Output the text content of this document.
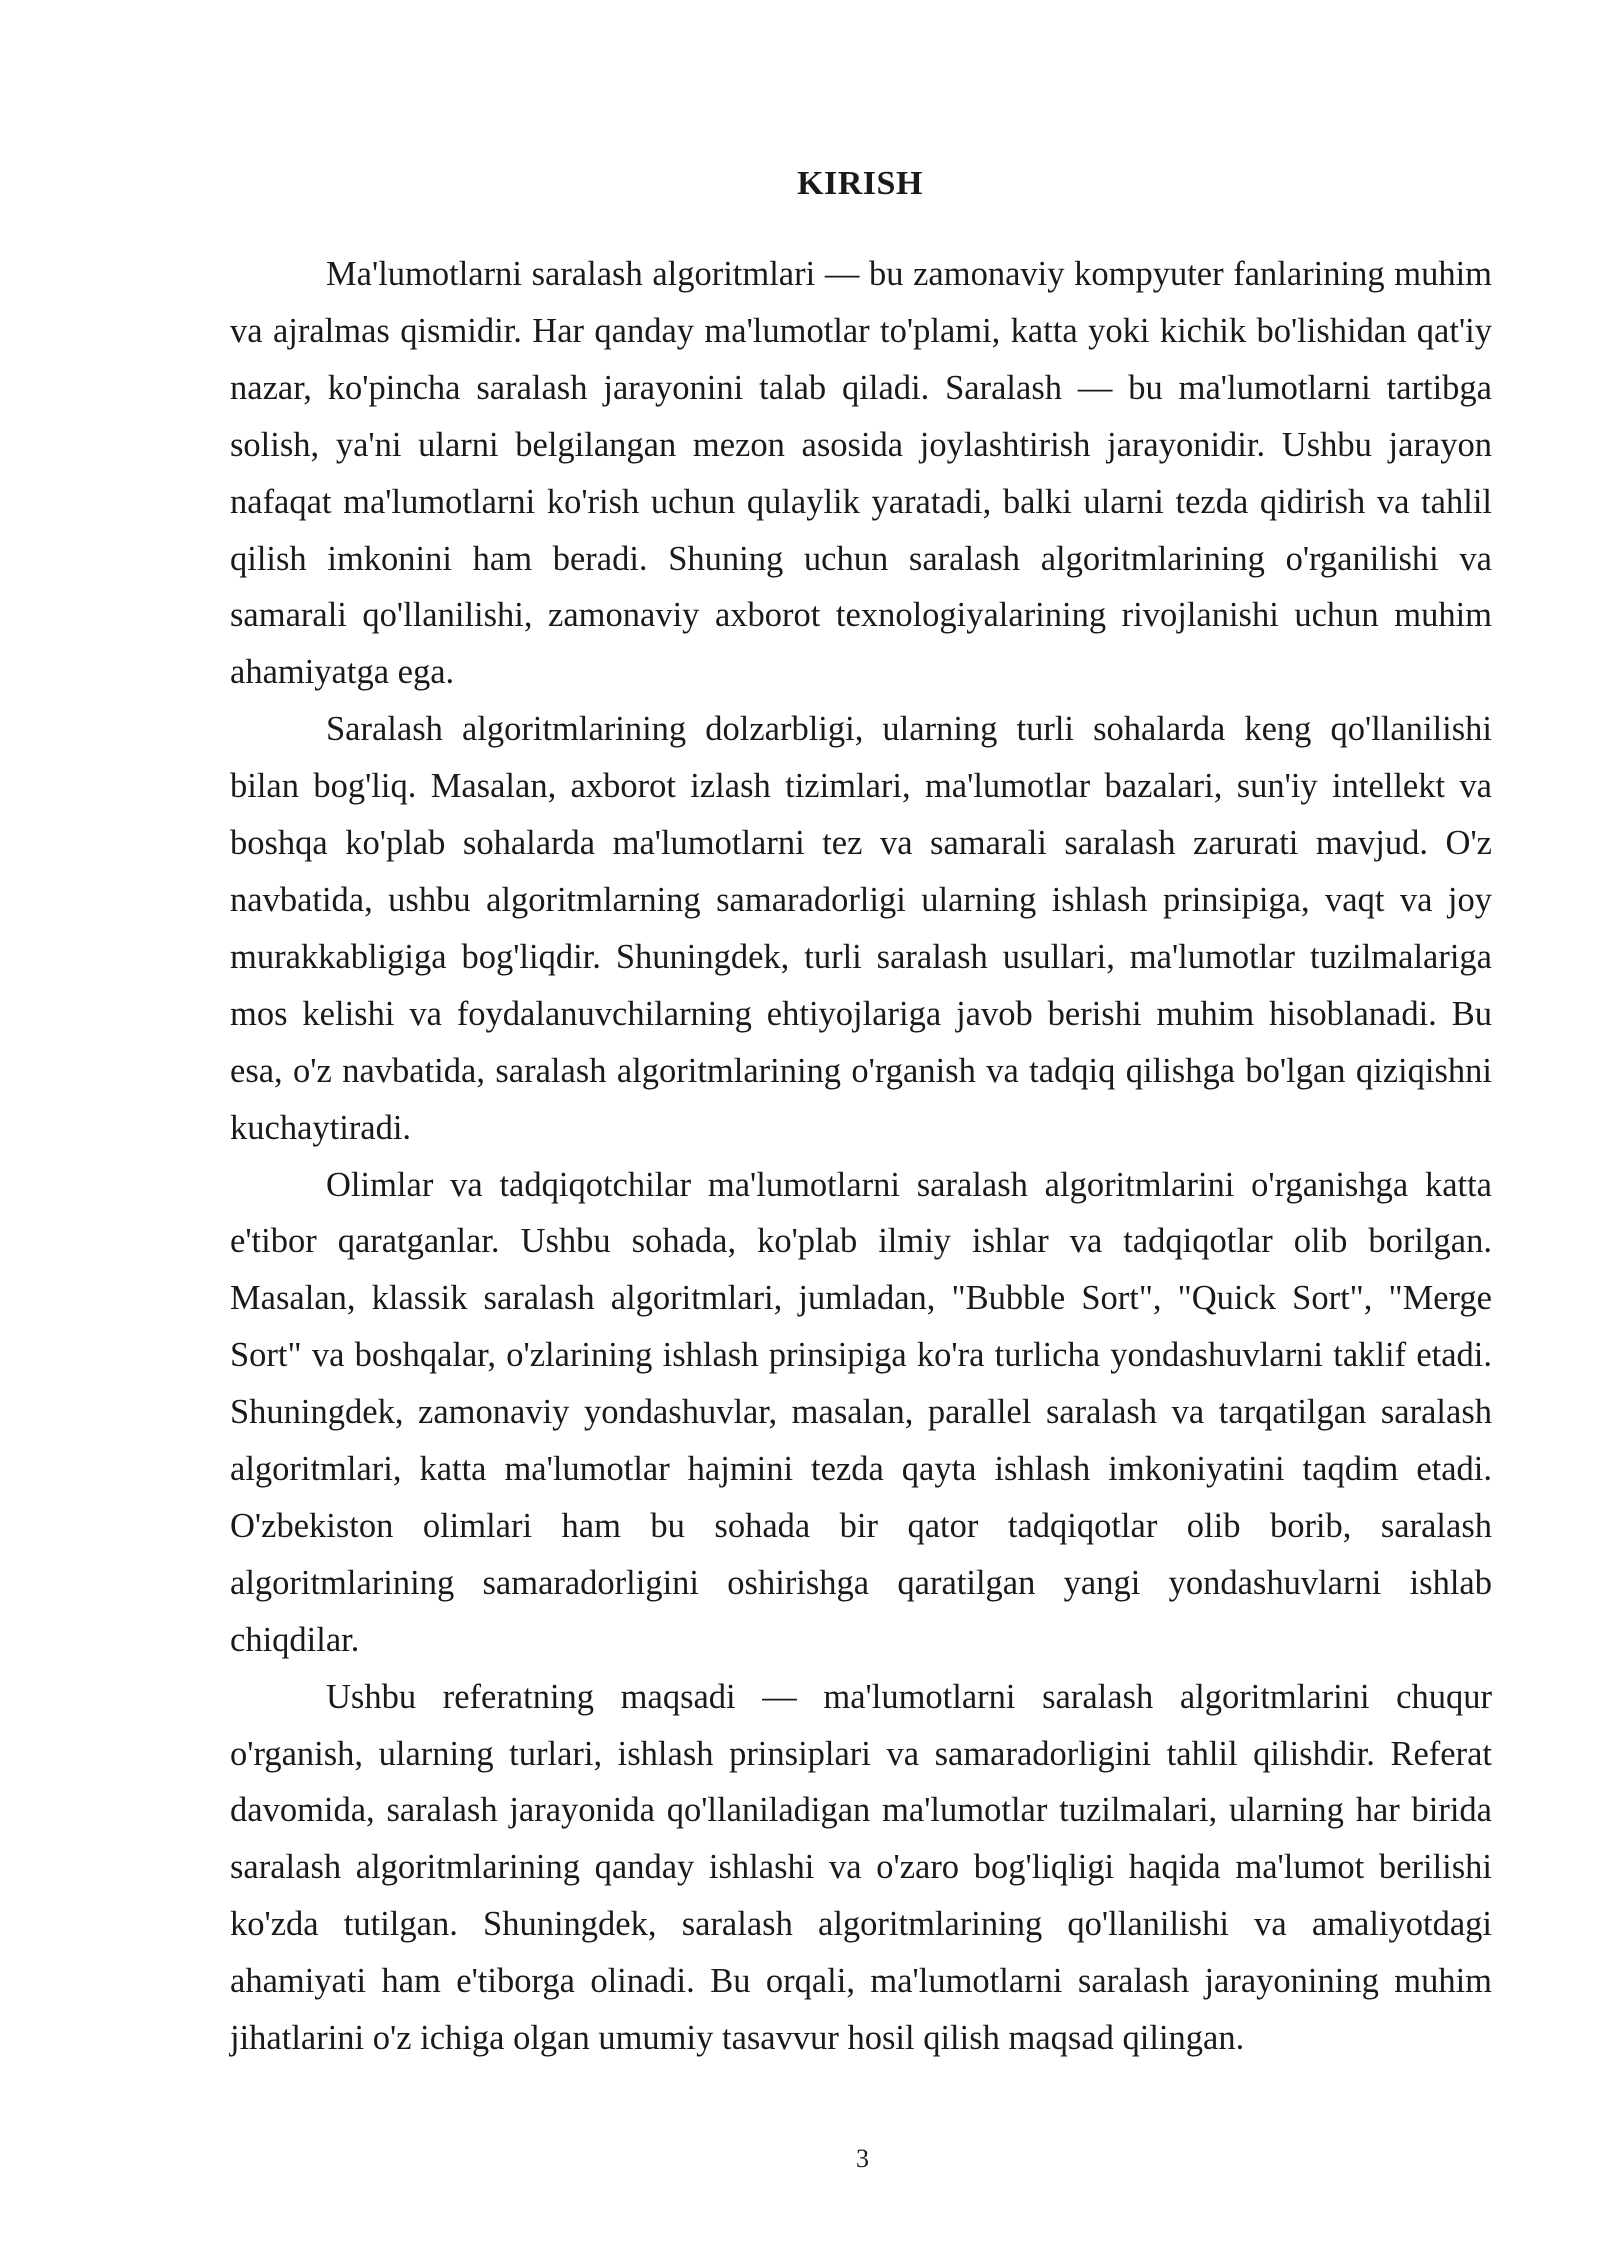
KIRISH

Ma'lumotlarni saralash algoritmlari — bu zamonaviy kompyuter fanlarining muhim va ajralmas qismidir. Har qanday ma'lumotlar to'plami, katta yoki kichik bo'lishidan qat'iy nazar, ko'pincha saralash jarayonini talab qiladi. Saralash — bu ma'lumotlarni tartibga solish, ya'ni ularni belgilangan mezon asosida joylashtirish jarayonidir. Ushbu jarayon nafaqat ma'lumotlarni ko'rish uchun qulaylik yaratadi, balki ularni tezda qidirish va tahlil qilish imkonini ham beradi. Shuning uchun saralash algoritmlarining o'rganilishi va samarali qo'llanilishi, zamonaviy axborot texnologiyalarining rivojlanishi uchun muhim ahamiyatga ega.

Saralash algoritmlarining dolzarbligi, ularning turli sohalarda keng qo'llanilishi bilan bog'liq. Masalan, axborot izlash tizimlari, ma'lumotlar bazalari, sun'iy intellekt va boshqa ko'plab sohalarda ma'lumotlarni tez va samarali saralash zarurati mavjud. O'z navbatida, ushbu algoritmlarning samaradorligi ularning ishlash prinsipiga, vaqt va joy murakkabligiga bog'liqdir. Shuningdek, turli saralash usullari, ma'lumotlar tuzilmalariga mos kelishi va foydalanuvchilarning ehtiyojlariga javob berishi muhim hisoblanadi. Bu esa, o'z navbatida, saralash algoritmlarining o'rganish va tadqiq qilishga bo'lgan qiziqishni kuchaytiradi.

Olimlar va tadqiqotchilar ma'lumotlarni saralash algoritmlarini o'rganishga katta e'tibor qaratganlar. Ushbu sohada, ko'plab ilmiy ishlar va tadqiqotlar olib borilgan. Masalan, klassik saralash algoritmlari, jumladan, "Bubble Sort", "Quick Sort", "Merge Sort" va boshqalar, o'zlarining ishlash prinsipiga ko'ra turlicha yondashuvlarni taklif etadi. Shuningdek, zamonaviy yondashuvlar, masalan, parallel saralash va tarqatilgan saralash algoritmlari, katta ma'lumotlar hajmini tezda qayta ishlash imkoniyatini taqdim etadi. O'zbekiston olimlari ham bu sohada bir qator tadqiqotlar olib borib, saralash algoritmlarining samaradorligini oshirishga qaratilgan yangi yondashuvlarni ishlab chiqdilar.

Ushbu referatning maqsadi — ma'lumotlarni saralash algoritmlarini chuqur o'rganish, ularning turlari, ishlash prinsiplari va samaradorligini tahlil qilishdir. Referat davomida, saralash jarayonida qo'llaniladigan ma'lumotlar tuzilmalari, ularning har birida saralash algoritmlarining qanday ishlashi va o'zaro bog'liqligi haqida ma'lumot berilishi ko'zda tutilgan. Shuningdek, saralash algoritmlarining qo'llanilishi va amaliyotdagi ahamiyati ham e'tiborga olinadi. Bu orqali, ma'lumotlarni saralash jarayonining muhim jihatlarini o'z ichiga olgan umumiy tasavvur hosil qilish maqsad qilingan.

3
